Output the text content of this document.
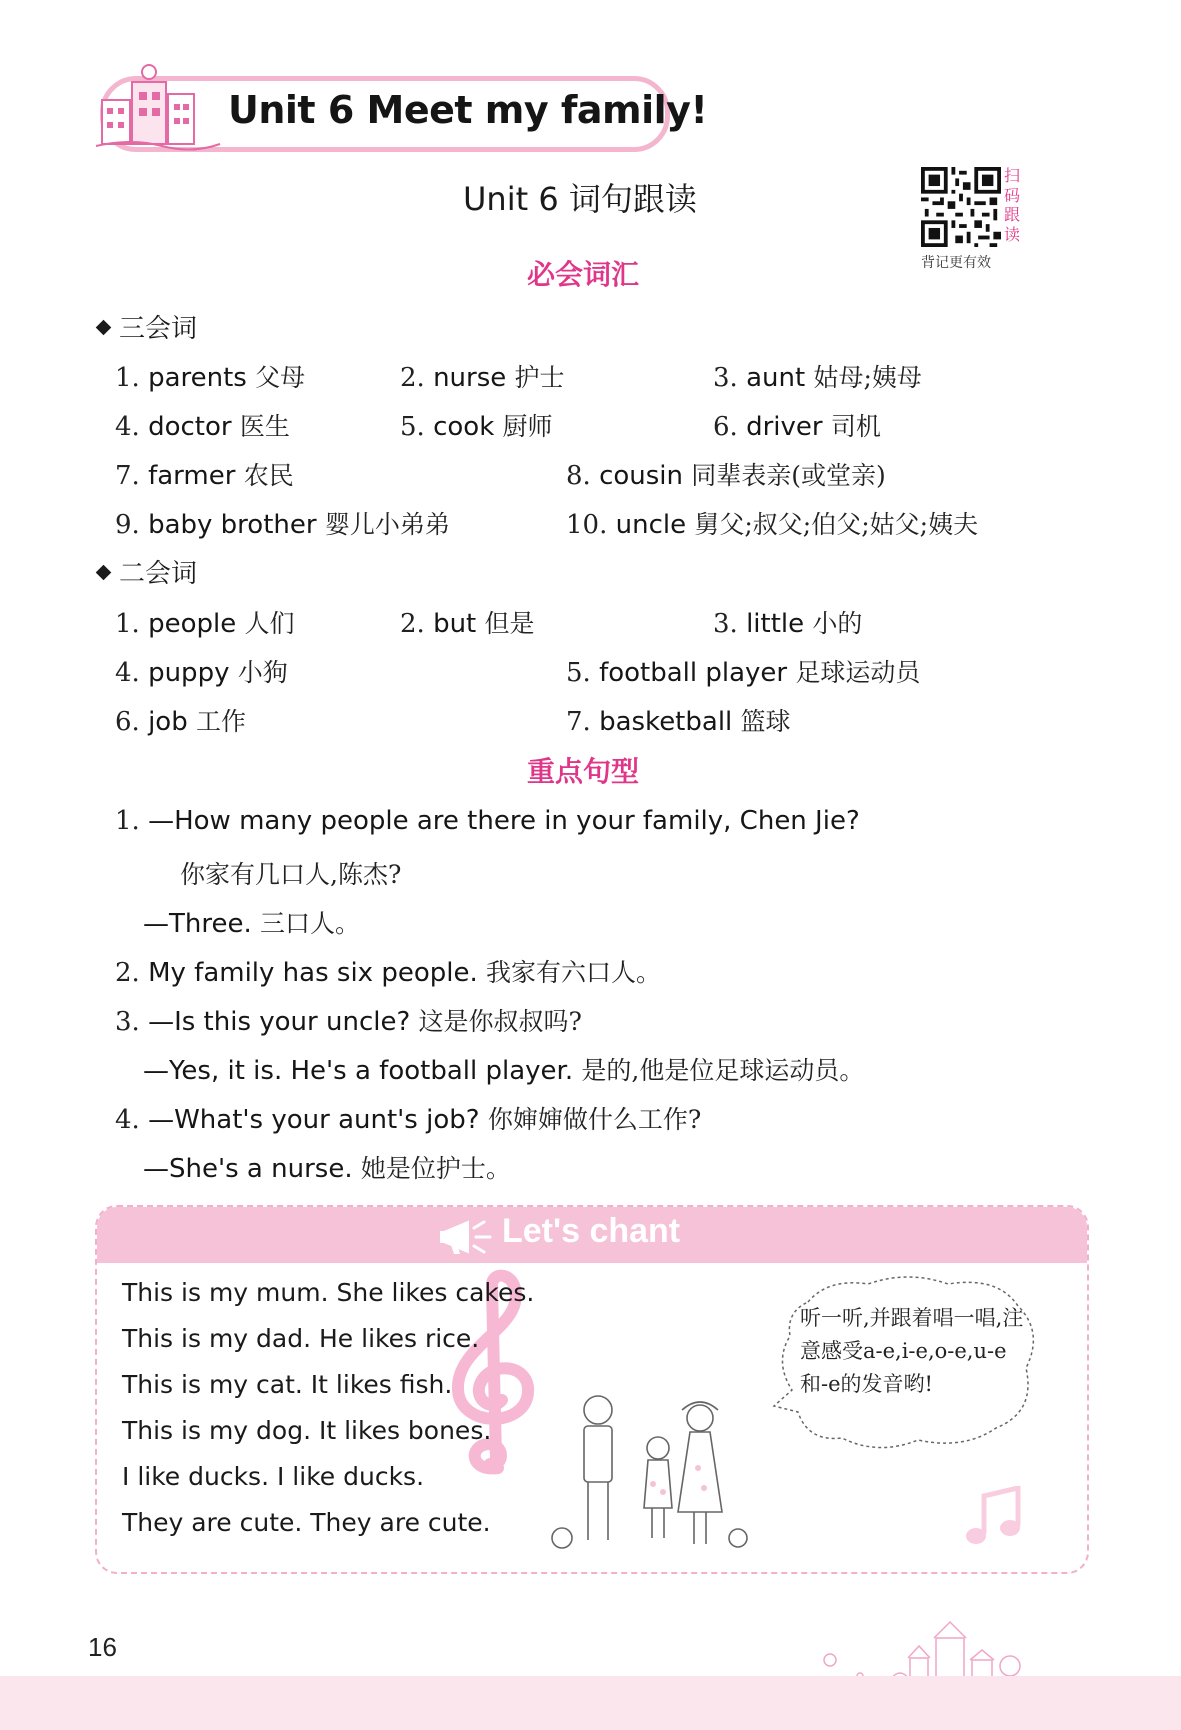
Unit 6 Meet my family!
Unit 6 词句跟读
扫
码
跟
读
背记更有效
必会词汇
三会词
1. parents 父母	2. nurse 护士	3. aunt 姑母;姨母
4. doctor 医生	5. cook 厨师	6. driver 司机
7. farmer 农民	8. cousin 同辈表亲(或堂亲)
9. baby brother 婴儿小弟弟	10. uncle 舅父;叔父;伯父;姑父;姨夫
二会词
1. people 人们	2. but 但是	3. little 小的
4. puppy 小狗	5. football player 足球运动员
6. job 工作	7. basketball 篮球
重点句型
1. —How many people are there in your family, Chen Jie?
你家有几口人,陈杰?
—Three. 三口人。
2. My family has six people. 我家有六口人。
3. —Is this your uncle? 这是你叔叔吗?
—Yes, it is. He's a football player. 是的,他是位足球运动员。
4. —What's your aunt's job? 你婶婶做什么工作?
—She's a nurse. 她是位护士。
Let's chant
This is my mum. She likes cakes.
This is my dad. He likes rice.
This is my cat. It likes fish.
This is my dog. It likes bones.
I like ducks. I like ducks.
They are cute. They are cute.
听一听,并跟着唱一唱,注意感受a-e,i-e,o-e,u-e和-e的发音哟!
16
